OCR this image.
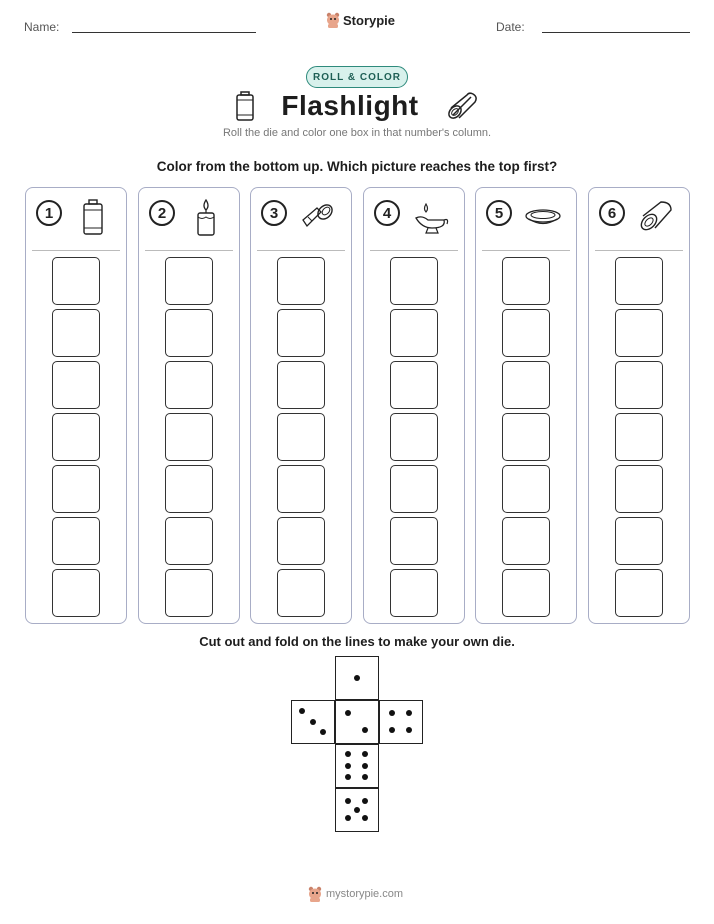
Name:	Storypie	Date:
ROLL & COLOR
Flashlight
Roll the die and color one box in that number's column.
Color from the bottom up. Which picture reaches the top first?
1	2	3	4	5	6
Cut out and fold on the lines to make your own die.
mystorypie.com
